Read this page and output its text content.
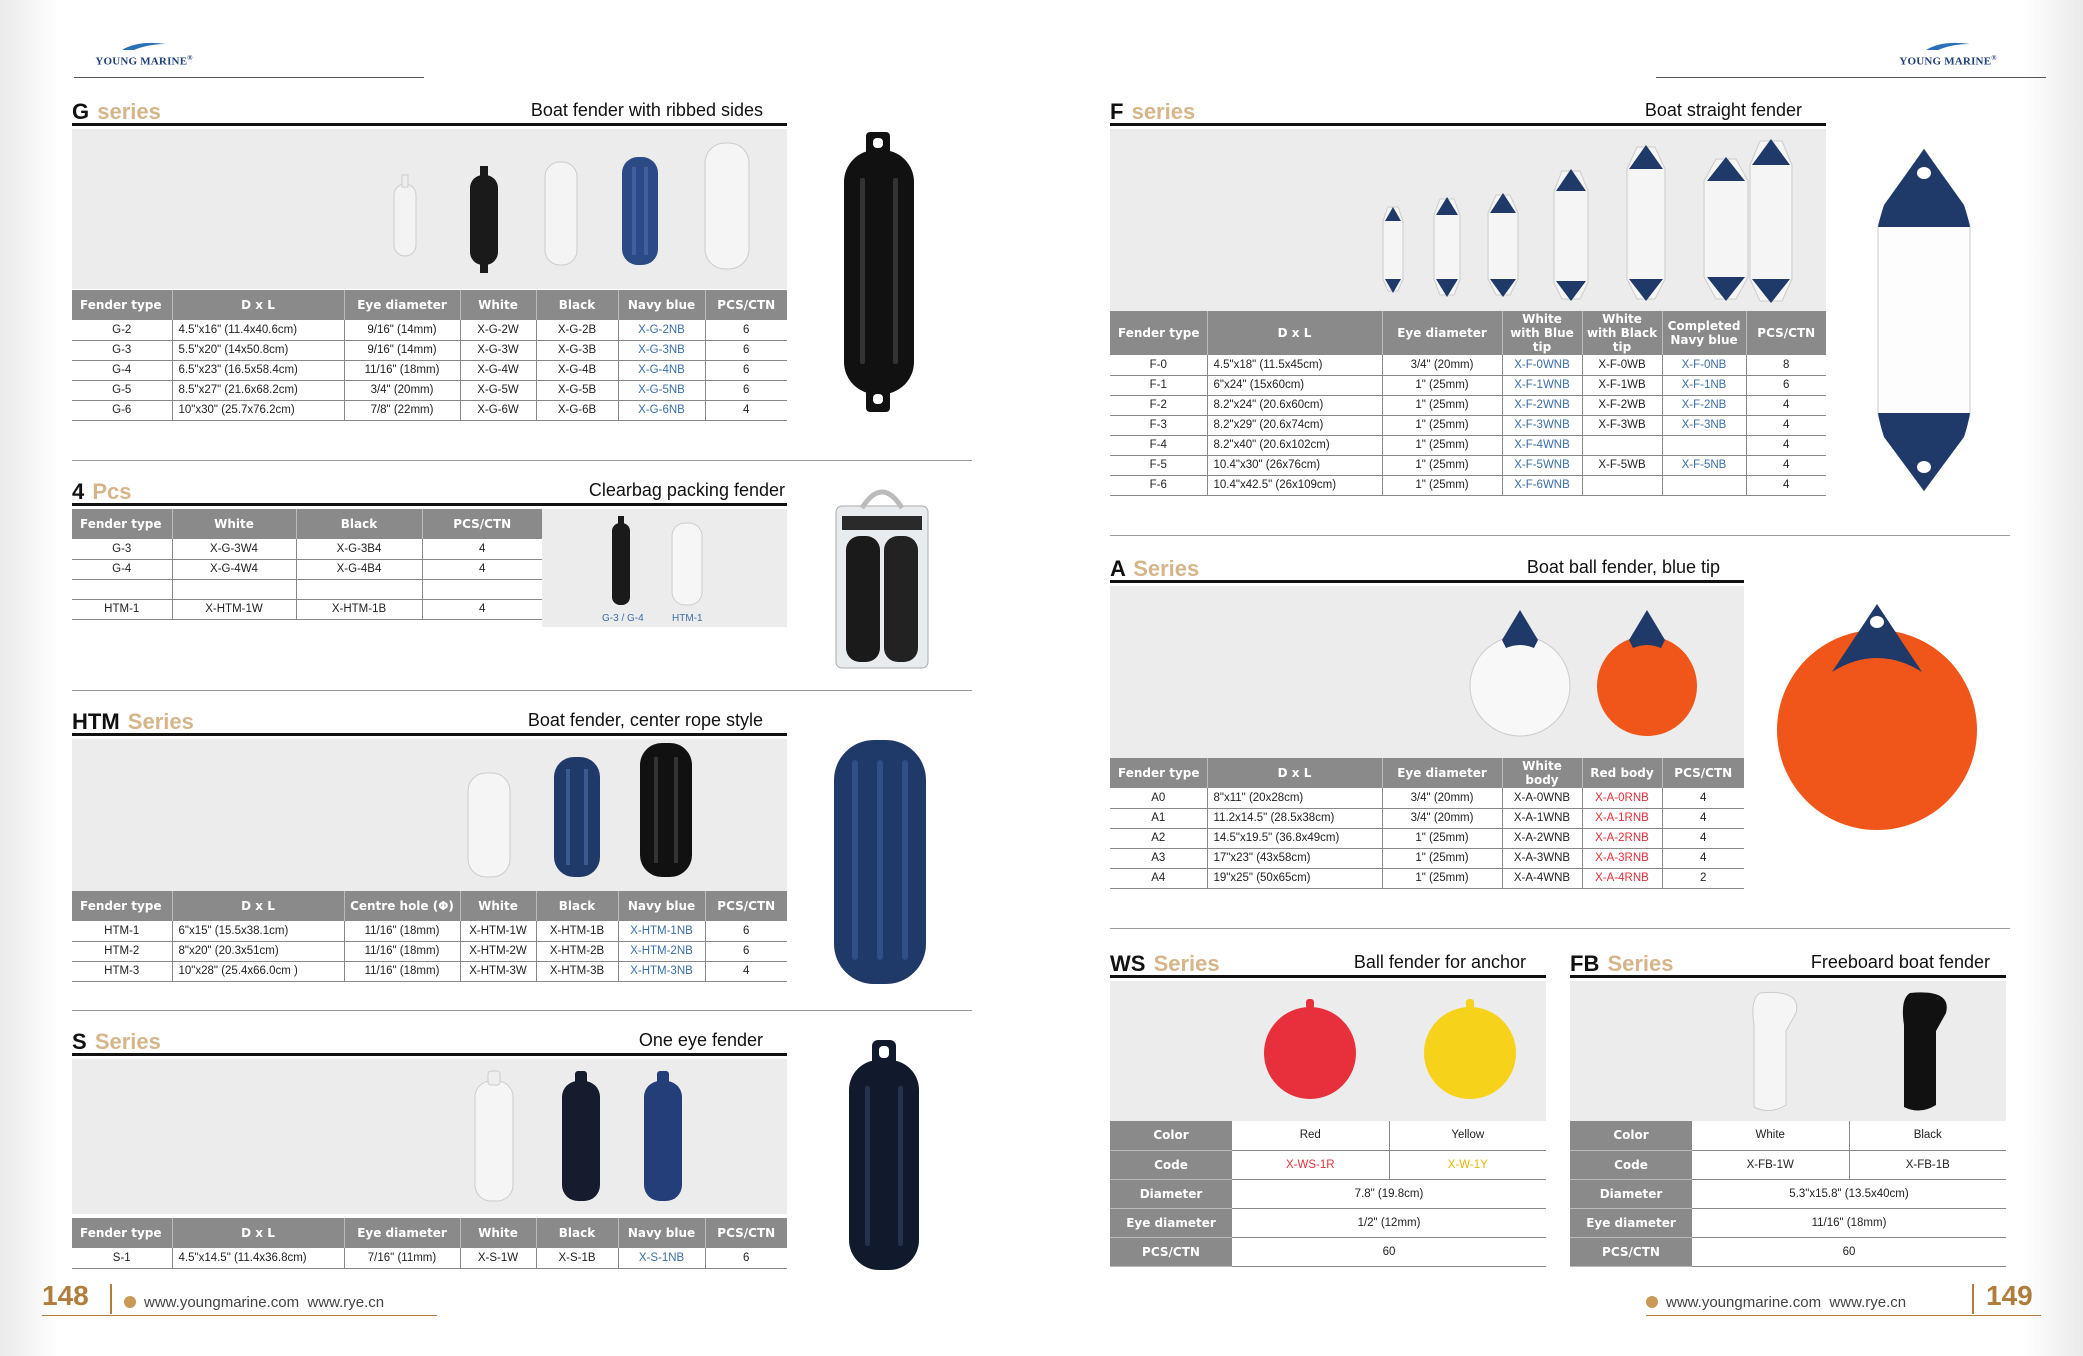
YOUNG MARINE®	YOUNG MARINE®
G series	Boat fender with ribbed sides
Fender type	D x L	Eye diameter	White	Black	Navy blue	PCS/CTN
G-2	4.5"x16" (11.4x40.6cm)	9/16" (14mm)	X-G-2W	X-G-2B	X-G-2NB	6
G-3	5.5"x20" (14x50.8cm)	9/16" (14mm)	X-G-3W	X-G-3B	X-G-3NB	6
G-4	6.5"x23" (16.5x58.4cm)	11/16" (18mm)	X-G-4W	X-G-4B	X-G-4NB	6
G-5	8.5"x27" (21.6x68.2cm)	3/4" (20mm)	X-G-5W	X-G-5B	X-G-5NB	6
G-6	10"x30" (25.7x76.2cm)	7/8" (22mm)	X-G-6W	X-G-6B	X-G-6NB	4
4 Pcs	Clearbag packing fender
Fender type	White	Black	PCS/CTN
G-3	X-G-3W4	X-G-3B4	4
G-4	X-G-4W4	X-G-4B4	4

HTM-1	X-HTM-1W	X-HTM-1B	4
G-3 / G-4	HTM-1
HTM Series	Boat fender, center rope style
Fender type	D x L	Centre hole (Φ)	White	Black	Navy blue	PCS/CTN
HTM-1	6"x15" (15.5x38.1cm)	11/16" (18mm)	X-HTM-1W	X-HTM-1B	X-HTM-1NB	6
HTM-2	8"x20" (20.3x51cm)	11/16" (18mm)	X-HTM-2W	X-HTM-2B	X-HTM-2NB	6
HTM-3	10"x28" (25.4x66.0cm )	11/16" (18mm)	X-HTM-3W	X-HTM-3B	X-HTM-3NB	4
S Series	One eye fender
Fender type	D x L	Eye diameter	White	Black	Navy blue	PCS/CTN
S-1	4.5"x14.5" (11.4x36.8cm)	7/16" (11mm)	X-S-1W	X-S-1B	X-S-1NB	6
148	www.youngmarine.com www.rye.cn
F series	Boat straight fender
Fender type	D x L	Eye diameter	White with Blue tip	White with Black tip	Completed Navy blue	PCS/CTN
F-0	4.5"x18" (11.5x45cm)	3/4" (20mm)	X-F-0WNB	X-F-0WB	X-F-0NB	8
F-1	6"x24" (15x60cm)	1" (25mm)	X-F-1WNB	X-F-1WB	X-F-1NB	6
F-2	8.2"x24" (20.6x60cm)	1" (25mm)	X-F-2WNB	X-F-2WB	X-F-2NB	4
F-3	8.2"x29" (20.6x74cm)	1" (25mm)	X-F-3WNB	X-F-3WB	X-F-3NB	4
F-4	8.2"x40" (20.6x102cm)	1" (25mm)	X-F-4WNB			4
F-5	10.4"x30" (26x76cm)	1" (25mm)	X-F-5WNB	X-F-5WB	X-F-5NB	4
F-6	10.4"x42.5" (26x109cm)	1" (25mm)	X-F-6WNB			4
A Series	Boat ball fender, blue tip
Fender type	D x L	Eye diameter	White body	Red body	PCS/CTN
A0	8"x11" (20x28cm)	3/4" (20mm)	X-A-0WNB	X-A-0RNB	4
A1	11.2x14.5" (28.5x38cm)	3/4" (20mm)	X-A-1WNB	X-A-1RNB	4
A2	14.5"x19.5" (36.8x49cm)	1" (25mm)	X-A-2WNB	X-A-2RNB	4
A3	17"x23" (43x58cm)	1" (25mm)	X-A-3WNB	X-A-3RNB	4
A4	19"x25" (50x65cm)	1" (25mm)	X-A-4WNB	X-A-4RNB	2
WS Series	Ball fender for anchor
Color	Red	Yellow
Code	X-WS-1R	X-W-1Y
Diameter	7.8" (19.8cm)	
Eye diameter	1/2" (12mm)	
PCS/CTN	60	
FB Series	Freeboard boat fender
Color	White	Black
Code	X-FB-1W	X-FB-1B
Diameter	5.3"x15.8" (13.5x40cm)	
Eye diameter	11/16" (18mm)	
PCS/CTN	60	
www.youngmarine.com www.rye.cn	149
